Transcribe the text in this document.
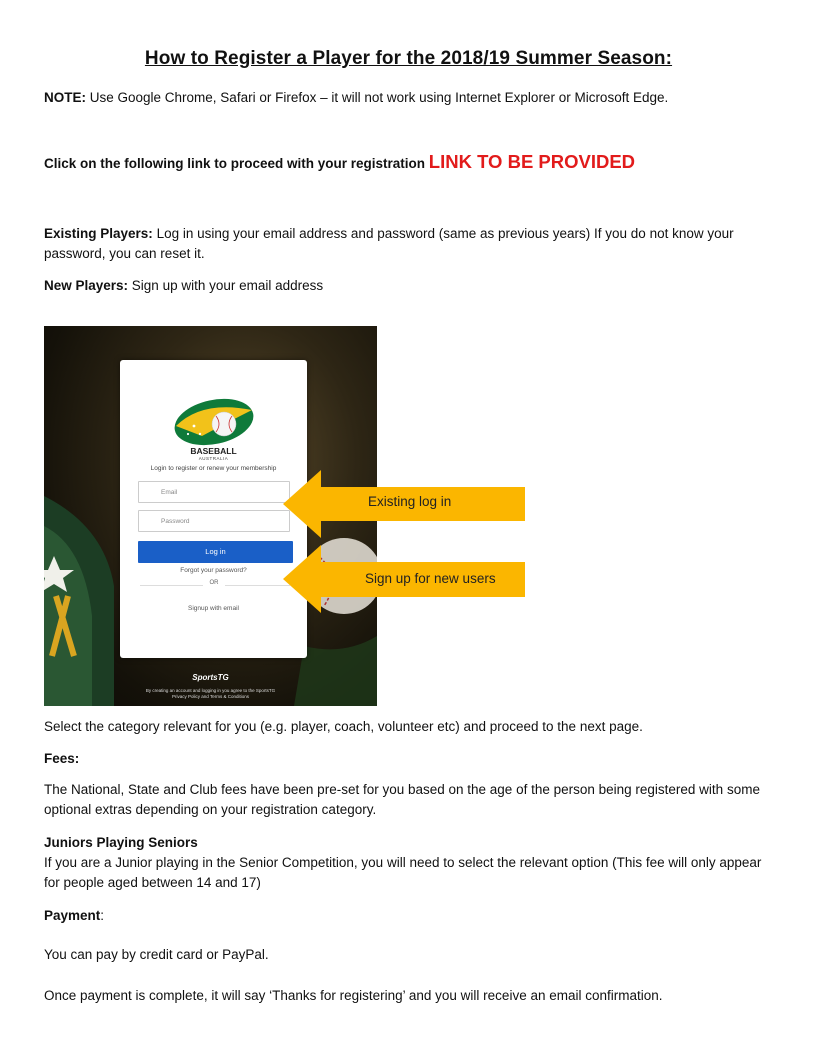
How to Register a Player for the 2018/19 Summer Season:
NOTE: Use Google Chrome, Safari or Firefox – it will not work using Internet Explorer or Microsoft Edge.
Click on the following link to proceed with your registration LINK TO BE PROVIDED
Existing Players: Log in using your email address and password (same as previous years) If you do not know your password, you can reset it.
New Players: Sign up with your email address
BASEBALL
AUSTRALIA
Login to register or renew your membership
Email
Password
Log in
Forgot your password?
OR
Signup with email
SportsTG
By creating an account and logging in you agree to the SportsTG
Privacy Policy and Terms & Conditions
Existing log in
Sign up for new users
Select the category relevant for you (e.g. player, coach, volunteer etc) and proceed to the next page.
Fees:
The National, State and Club fees have been pre-set for you based on the age of the person being registered with some optional extras depending on your registration category.
Juniors Playing Seniors
If you are a Junior playing in the Senior Competition, you will need to select the relevant option (This fee will only appear for people aged between 14 and 17)
Payment:
You can pay by credit card or PayPal.
Once payment is complete, it will say ‘Thanks for registering’ and you will receive an email confirmation.
